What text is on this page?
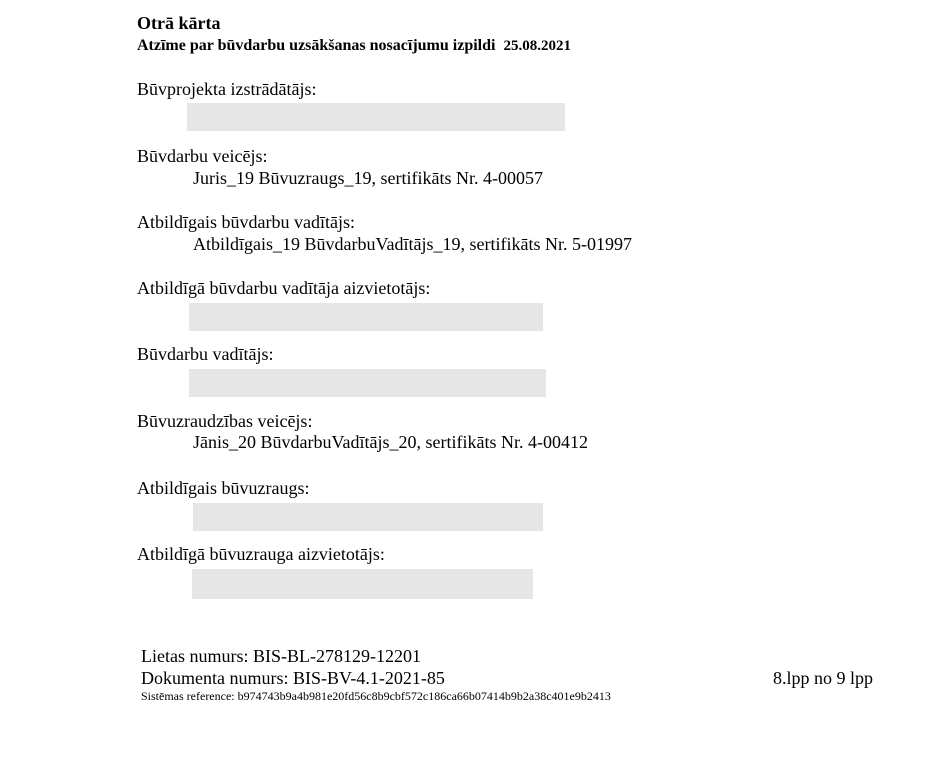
Otrā kārta
Atzīme par būvdarbu uzsākšanas nosacījumu izpildi 25.08.2021
Būvprojekta izstrādātājs:
Būvdarbu veicējs:
Juris_19 Būvuzraugs_19, sertifikāts Nr. 4-00057
Atbildīgais būvdarbu vadītājs:
Atbildīgais_19 BūvdarbuVadītājs_19, sertifikāts Nr. 5-01997
Atbildīgā būvdarbu vadītāja aizvietotājs:
Būvdarbu vadītājs:
Būvuzraudzības veicējs:
Jānis_20 BūvdarbuVadītājs_20, sertifikāts Nr. 4-00412
Atbildīgais būvuzraugs:
Atbildīgā būvuzrauga aizvietotājs:
Lietas numurs: BIS-BL-278129-12201
Dokumenta numurs: BIS-BV-4.1-2021-85	8.lpp no 9 lpp
Sistēmas reference: b974743b9a4b981e20fd56c8b9cbf572c186ca66b07414b9b2a38c401e9b2413
